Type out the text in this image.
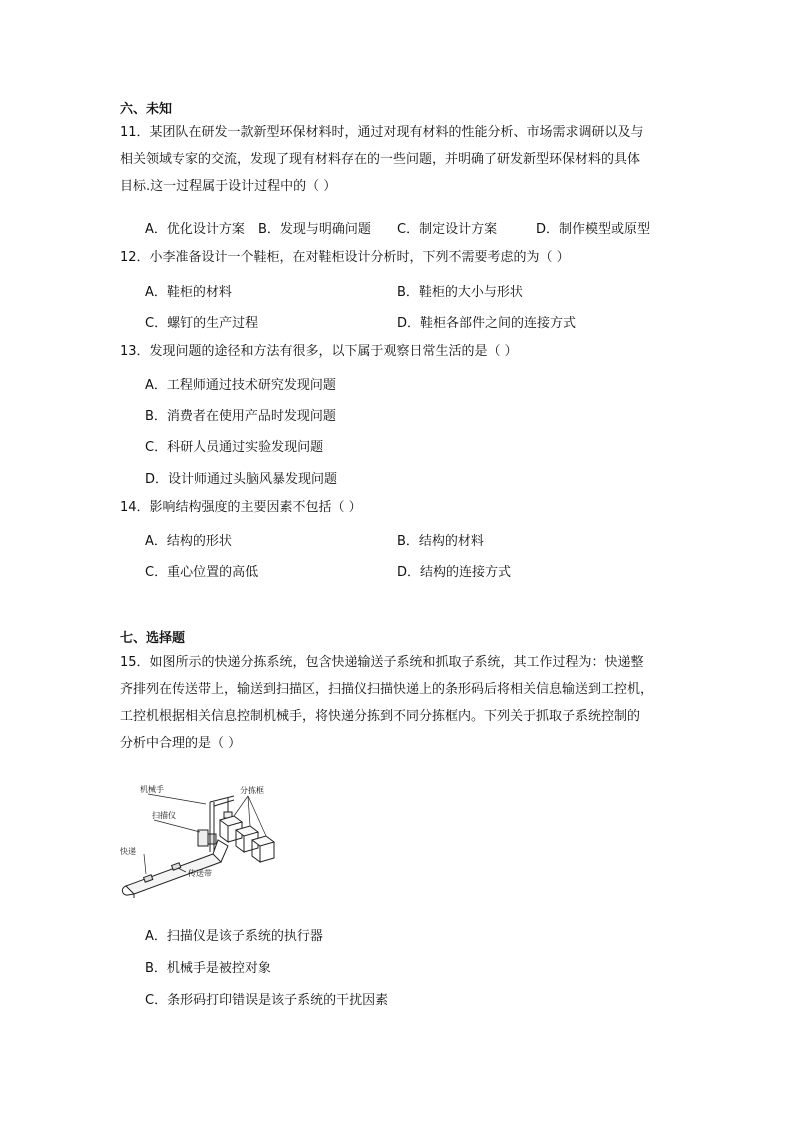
六、未知
11．某团队在研发一款新型环保材料时，通过对现有材料的性能分析、市场需求调研以及与
相关领域专家的交流，发现了现有材料存在的一些问题，并明确了研发新型环保材料的具体
目标.这一过程属于设计过程中的（ ）
A．优化设计方案 B．发现与明确问题 C．制定设计方案	D．制作模型或原型
12．小李准备设计一个鞋柜，在对鞋柜设计分析时，下列不需要考虑的为（ ）
A．鞋柜的材料	B．鞋柜的大小与形状
C．螺钉的生产过程	D．鞋柜各部件之间的连接方式
13．发现问题的途径和方法有很多，以下属于观察日常生活的是（ ）
A．工程师通过技术研究发现问题
B．消费者在使用产品时发现问题
C．科研人员通过实验发现问题
D．设计师通过头脑风暴发现问题
14．影响结构强度的主要因素不包括（ ）
A．结构的形状	B．结构的材料
C．重心位置的高低	D．结构的连接方式
七、选择题
15．如图所示的快递分拣系统，包含快递输送子系统和抓取子系统，其工作过程为：快递整
齐排列在传送带上，输送到扫描区，扫描仪扫描快递上的条形码后将相关信息输送到工控机，
工控机根据相关信息控制机械手，将快递分拣到不同分拣框内。下列关于抓取子系统控制的
分析中合理的是（ ）
机械手	分拣框
扫描仪
快递
传送带
A．扫描仪是该子系统的执行器
B．机械手是被控对象
C．条形码打印错误是该子系统的干扰因素
